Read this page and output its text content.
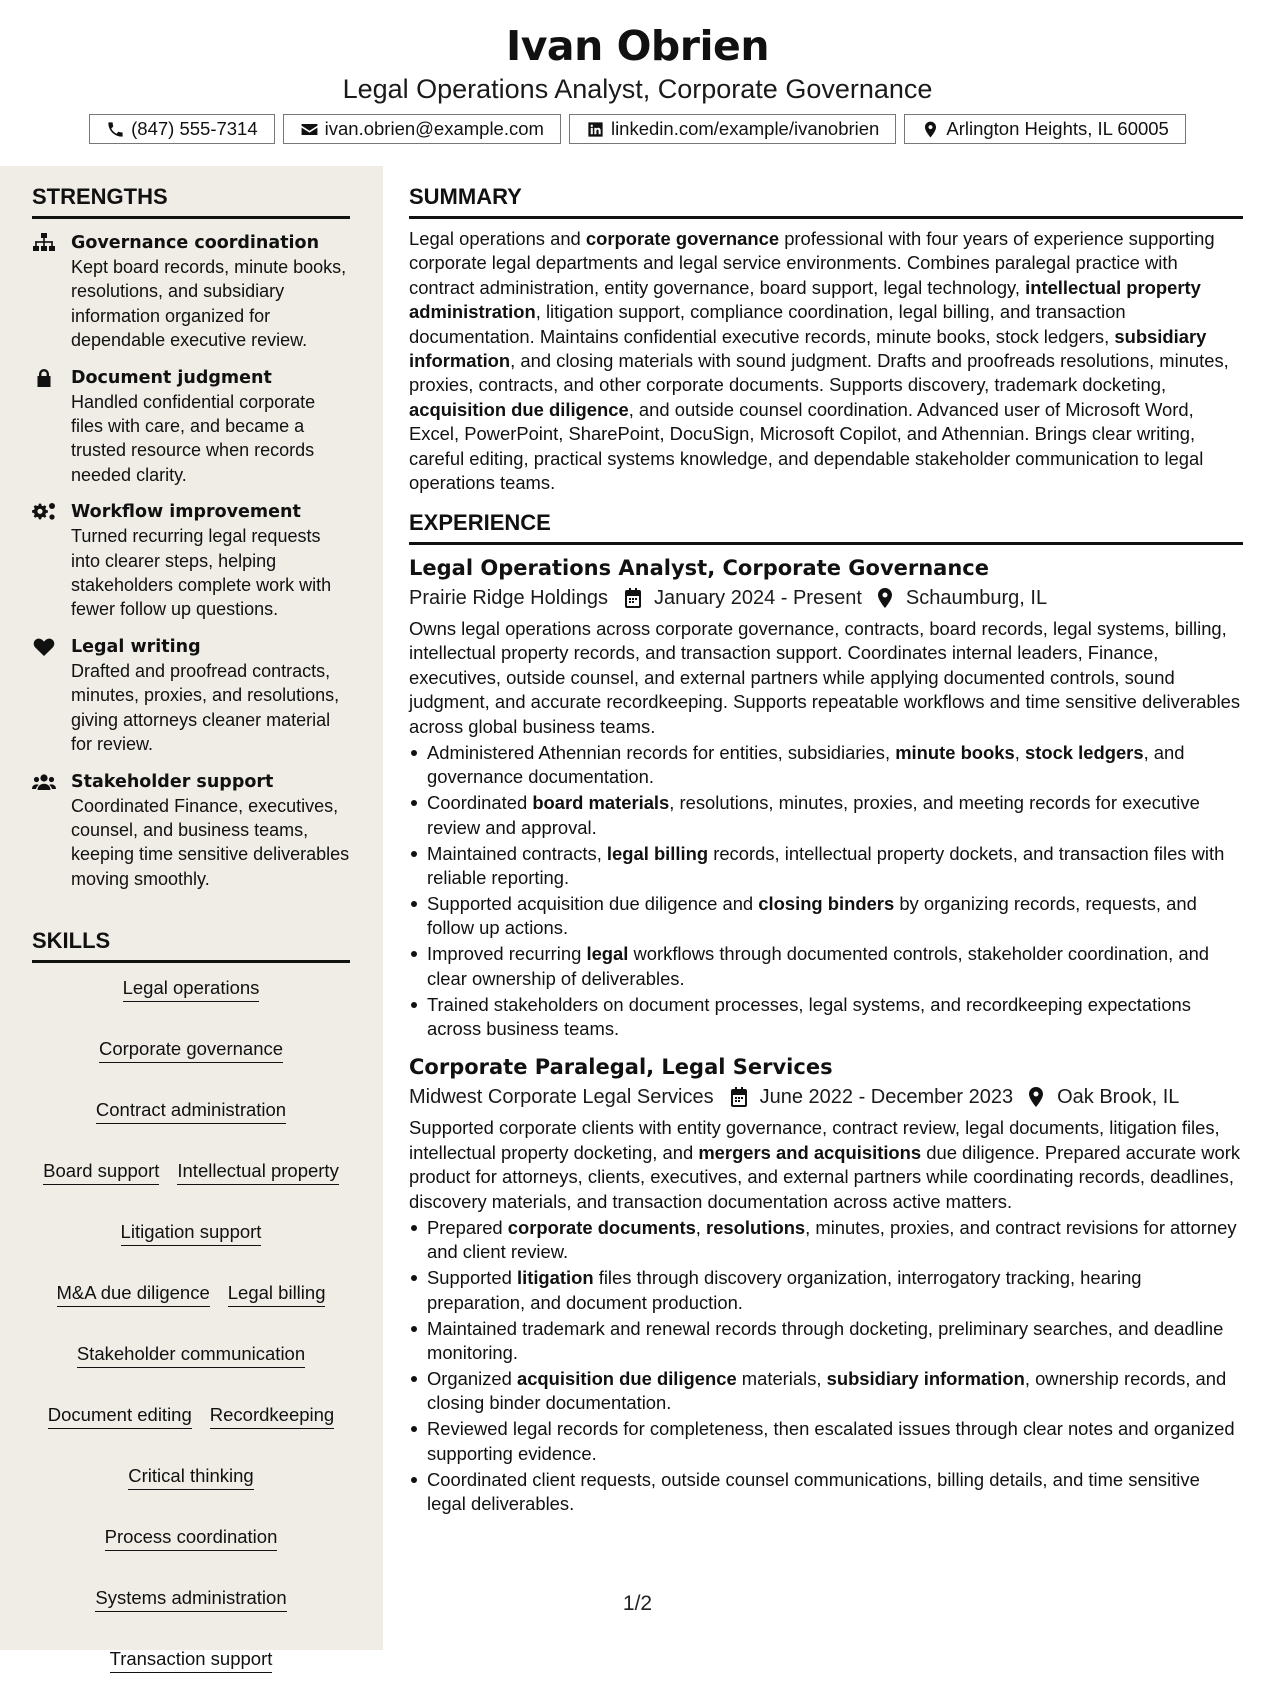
Ivan Obrien
Legal Operations Analyst, Corporate Governance
(847) 555-7314	ivan.obrien@example.com	linkedin.com/example/ivanobrien	Arlington Heights, IL 60005
STRENGTHS
Governance coordination
Kept board records, minute books, resolutions, and subsidiary information organized for dependable executive review.
Document judgment
Handled confidential corporate files with care, and became a trusted resource when records needed clarity.
Workflow improvement
Turned recurring legal requests into clearer steps, helping stakeholders complete work with fewer follow up questions.
Legal writing
Drafted and proofread contracts, minutes, proxies, and resolutions, giving attorneys cleaner material for review.
Stakeholder support
Coordinated Finance, executives, counsel, and business teams, keeping time sensitive deliverables moving smoothly.
SKILLS
Legal operations
Corporate governance
Contract administration
Board support Intellectual property
Litigation support
M&A due diligence Legal billing
Stakeholder communication
Document editing Recordkeeping
Critical thinking
Process coordination
Systems administration
Transaction support
SUMMARY
Legal operations and corporate governance professional with four years of experience supporting corporate legal departments and legal service environments. Combines paralegal practice with contract administration, entity governance, board support, legal technology, intellectual property administration, litigation support, compliance coordination, legal billing, and transaction documentation. Maintains confidential executive records, minute books, stock ledgers, subsidiary information, and closing materials with sound judgment. Drafts and proofreads resolutions, minutes, proxies, contracts, and other corporate documents. Supports discovery, trademark docketing, acquisition due diligence, and outside counsel coordination. Advanced user of Microsoft Word, Excel, PowerPoint, SharePoint, DocuSign, Microsoft Copilot, and Athennian. Brings clear writing, careful editing, practical systems knowledge, and dependable stakeholder communication to legal operations teams.
EXPERIENCE
Legal Operations Analyst, Corporate Governance
Prairie Ridge Holdings January 2024 - Present Schaumburg, IL
Owns legal operations across corporate governance, contracts, board records, legal systems, billing, intellectual property records, and transaction support. Coordinates internal leaders, Finance, executives, outside counsel, and external partners while applying documented controls, sound judgment, and accurate recordkeeping. Supports repeatable workflows and time sensitive deliverables across global business teams.
Administered Athennian records for entities, subsidiaries, minute books, stock ledgers, and governance documentation.
Coordinated board materials, resolutions, minutes, proxies, and meeting records for executive review and approval.
Maintained contracts, legal billing records, intellectual property dockets, and transaction files with reliable reporting.
Supported acquisition due diligence and closing binders by organizing records, requests, and follow up actions.
Improved recurring legal workflows through documented controls, stakeholder coordination, and clear ownership of deliverables.
Trained stakeholders on document processes, legal systems, and recordkeeping expectations across business teams.
Corporate Paralegal, Legal Services
Midwest Corporate Legal Services June 2022 - December 2023 Oak Brook, IL
Supported corporate clients with entity governance, contract review, legal documents, litigation files, intellectual property docketing, and mergers and acquisitions due diligence. Prepared accurate work product for attorneys, clients, executives, and external partners while coordinating records, deadlines, discovery materials, and transaction documentation across active matters.
Prepared corporate documents, resolutions, minutes, proxies, and contract revisions for attorney and client review.
Supported litigation files through discovery organization, interrogatory tracking, hearing preparation, and document production.
Maintained trademark and renewal records through docketing, preliminary searches, and deadline monitoring.
Organized acquisition due diligence materials, subsidiary information, ownership records, and closing binder documentation.
Reviewed legal records for completeness, then escalated issues through clear notes and organized supporting evidence.
Coordinated client requests, outside counsel communications, billing details, and time sensitive legal deliverables.
1/2
